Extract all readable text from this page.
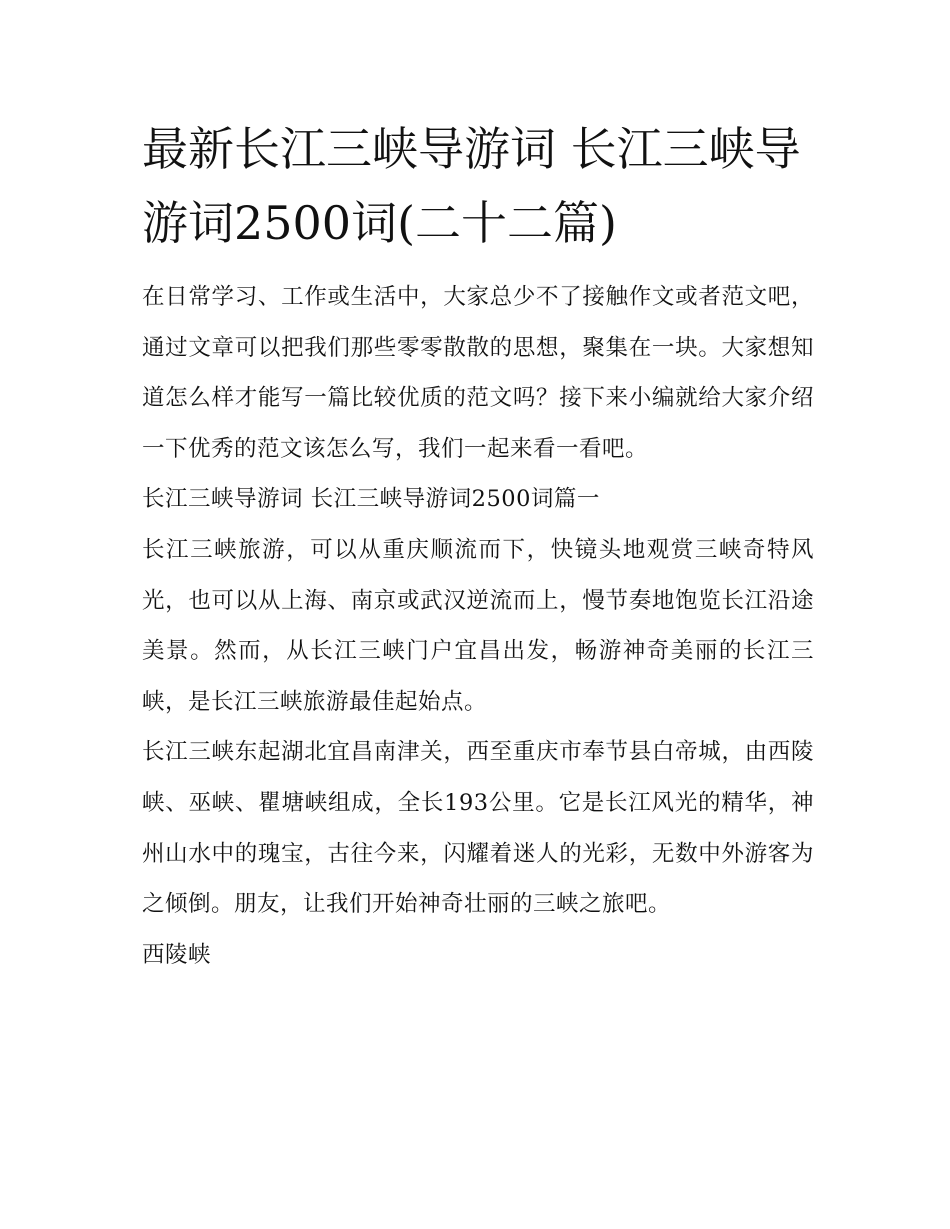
最新长江三峡导游词 长江三峡导游词2500词(二十二篇)

在日常学习、工作或生活中，大家总少不了接触作文或者范文吧，通过文章可以把我们那些零零散散的思想，聚集在一块。大家想知道怎么样才能写一篇比较优质的范文吗？接下来小编就给大家介绍一下优秀的范文该怎么写，我们一起来看一看吧。

长江三峡导游词 长江三峡导游词2500词篇一

长江三峡旅游，可以从重庆顺流而下，快镜头地观赏三峡奇特风光，也可以从上海、南京或武汉逆流而上，慢节奏地饱览长江沿途美景。然而，从长江三峡门户宜昌出发，畅游神奇美丽的长江三峡，是长江三峡旅游最佳起始点。

长江三峡东起湖北宜昌南津关，西至重庆市奉节县白帝城，由西陵峡、巫峡、瞿塘峡组成，全长193公里。它是长江风光的精华，神州山水中的瑰宝，古往今来，闪耀着迷人的光彩，无数中外游客为之倾倒。朋友，让我们开始神奇壮丽的三峡之旅吧。

西陵峡
